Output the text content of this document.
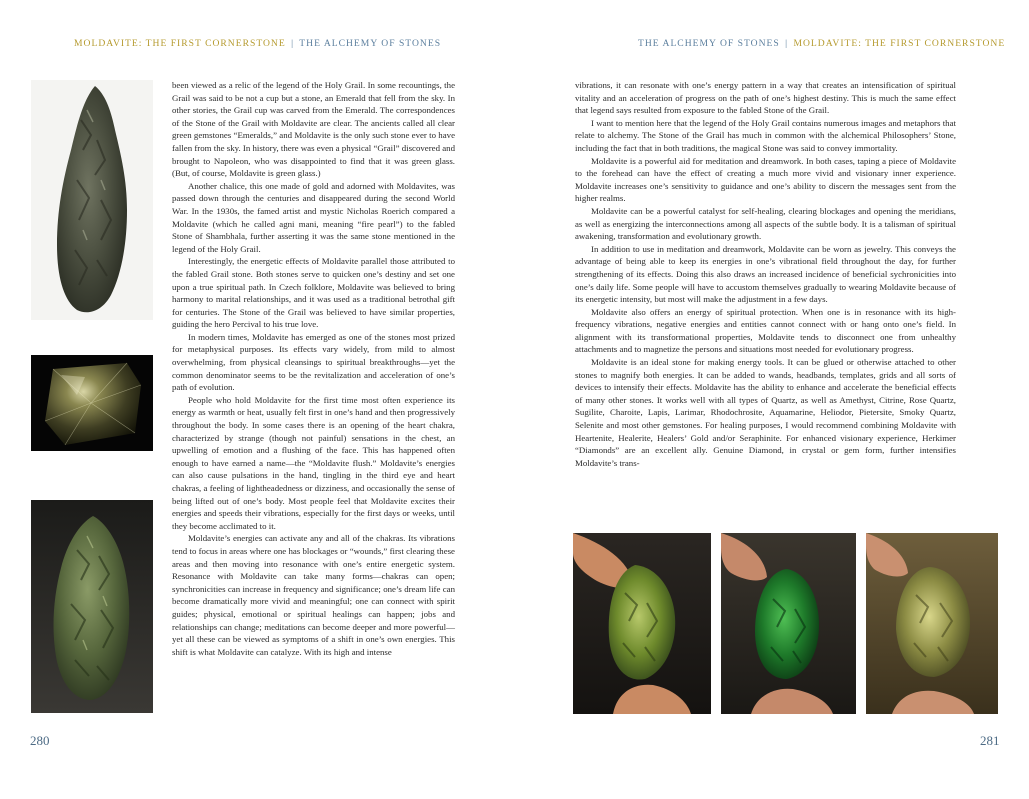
MOLDAVITE: THE FIRST CORNERSTONE | THE ALCHEMY OF STONES

been viewed as a relic of the legend of the Holy Grail. In some recountings, the Grail was said to be not a cup but a stone, an Emerald that fell from the sky. In other stories, the Grail cup was carved from the Emerald. The correspondences of the Stone of the Grail with Moldavite are clear. The ancients called all clear green gemstones “Emeralds,” and Moldavite is the only such stone ever to have fallen from the sky. In history, there was even a physical “Grail” discovered and brought to Napoleon, who was disappointed to find that it was green glass. (But, of course, Moldavite is green glass.)

Another chalice, this one made of gold and adorned with Moldavites, was passed down through the centuries and disappeared during the second World War. In the 1930s, the famed artist and mystic Nicholas Roerich compared a Moldavite (which he called agni mani, meaning “fire pearl”) to the fabled Stone of Shambhala, further asserting it was the same stone mentioned in the legend of the Holy Grail.

Interestingly, the energetic effects of Moldavite parallel those attributed to the fabled Grail stone. Both stones serve to quicken one’s destiny and set one upon a true spiritual path. In Czech folklore, Moldavite was believed to bring harmony to marital relationships, and it was used as a traditional betrothal gift for centuries. The Stone of the Grail was believed to have similar properties, guiding the hero Percival to his true love.

In modern times, Moldavite has emerged as one of the stones most prized for metaphysical purposes. Its effects vary widely, from mild to almost overwhelming, from physical cleansings to spiritual breakthroughs—yet the common denominator seems to be the revitalization and acceleration of one’s path of evolution.

People who hold Moldavite for the first time most often experience its energy as warmth or heat, usually felt first in one’s hand and then progressively throughout the body. In some cases there is an opening of the heart chakra, characterized by strange (though not painful) sensations in the chest, an upwelling of emotion and a flushing of the face. This has happened often enough to have earned a name—the “Moldavite flush.” Moldavite’s energies can also cause pulsations in the hand, tingling in the third eye and heart chakras, a feeling of lightheadedness or dizziness, and occasionally the sense of being lifted out of one’s body. Most people feel that Moldavite excites their energies and speeds their vibrations, especially for the first days or weeks, until they become acclimated to it.

Moldavite’s energies can activate any and all of the chakras. Its vibrations tend to focus in areas where one has blockages or “wounds,” first clearing these areas and then moving into resonance with one’s entire energetic system. Resonance with Moldavite can take many forms—chakras can open; synchronicities can increase in frequency and significance; one’s dream life can become dramatically more vivid and meaningful; one can connect with spirit guides; physical, emotional or spiritual healings can happen; jobs and relationships can change; meditations can become deeper and more powerful—yet all these can be viewed as symptoms of a shift in one’s own energies. This shift is what Moldavite can catalyze. With its high and intense

280
THE ALCHEMY OF STONES | MOLDAVITE: THE FIRST CORNERSTONE

vibrations, it can resonate with one’s energy pattern in a way that creates an intensification of spiritual vitality and an acceleration of progress on the path of one’s highest destiny. This is much the same effect that legend says resulted from exposure to the fabled Stone of the Grail.

I want to mention here that the legend of the Holy Grail contains numerous images and metaphors that relate to alchemy. The Stone of the Grail has much in common with the alchemical Philosophers’ Stone, including the fact that in both traditions, the magical Stone was said to convey immortality.

Moldavite is a powerful aid for meditation and dreamwork. In both cases, taping a piece of Moldavite to the forehead can have the effect of creating a much more vivid and visionary inner experience. Moldavite increases one’s sensitivity to guidance and one’s ability to discern the messages sent from the higher realms.

Moldavite can be a powerful catalyst for self-healing, clearing blockages and opening the meridians, as well as energizing the interconnections among all aspects of the subtle body. It is a talisman of spiritual awakening, transformation and evolutionary growth.

In addition to use in meditation and dreamwork, Moldavite can be worn as jewelry. This conveys the advantage of being able to keep its energies in one’s vibrational field throughout the day, for further strengthening of its effects. Doing this also draws an increased incidence of beneficial sychronicities into one’s daily life. Some people will have to accustom themselves gradually to wearing Moldavite because of its energetic intensity, but most will make the adjustment in a few days.

Moldavite also offers an energy of spiritual protection. When one is in resonance with its high-frequency vibrations, negative energies and entities cannot connect with or hang onto one’s field. In alignment with its transformational properties, Moldavite tends to disconnect one from unhealthy attachments and to magnetize the persons and situations most needed for evolutionary progress.

Moldavite is an ideal stone for making energy tools. It can be glued or otherwise attached to other stones to magnify both energies. It can be added to wands, headbands, templates, grids and all sorts of devices to intensify their effects. Moldavite has the ability to enhance and accelerate the beneficial effects of many other stones. It works well with all types of Quartz, as well as Amethyst, Citrine, Rose Quartz, Sugilite, Charoite, Lapis, Larimar, Rhodochrosite, Aquamarine, Heliodor, Pietersite, Smoky Quartz, Selenite and most other gemstones. For healing purposes, I would recommend combining Moldavite with Heartenite, Healerite, Healers’ Gold and/or Seraphinite. For enhanced visionary experience, Herkimer “Diamonds” are an excellent ally. Genuine Diamond, in crystal or gem form, further intensifies Moldavite’s trans-

281
